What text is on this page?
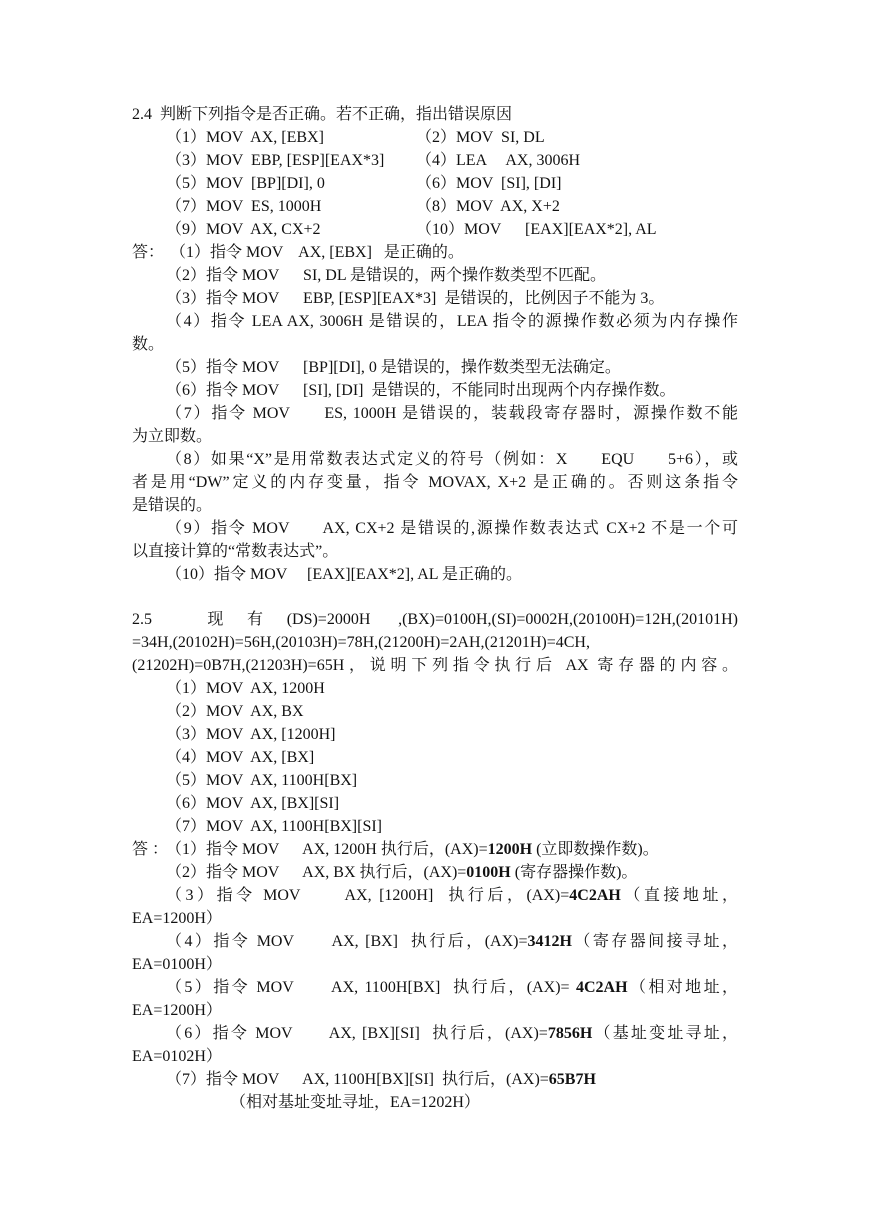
2.4  判断下列指令是否正确。若不正确，指出错误原因
（1）MOV  AX, [EBX]	（2）MOV  SI, DL
（3）MOV  EBP, [ESP][EAX*3] （4）LEA     AX, 3006H
（5）MOV  [BP][DI], 0	（6）MOV  [SI], [DI]
（7）MOV  ES, 1000H	（8）MOV  AX, X+2
（9）MOV  AX, CX+2	（10）MOV      [EAX][EAX*2], AL
答： （1）指令 MOV    AX, [EBX]   是正确的。
（2）指令 MOV      SI, DL 是错误的，两个操作数类型不匹配。
（3）指令 MOV      EBP, [ESP][EAX*3]  是错误的，比例因子不能为 3。
（4）指令 LEA AX, 3006H 是错误的，LEA 指令的源操作数必须为内存操作
数。
（5）指令 MOV      [BP][DI], 0 是错误的，操作数类型无法确定。
（6）指令 MOV      [SI], [DI]  是错误的，不能同时出现两个内存操作数。
（7）指令 MOV      ES, 1000H 是错误的，装载段寄存器时，源操作数不能
为立即数。
（8）如果“X”是用常数表达式定义的符号（例如：X      EQU      5+6），或
者是用“DW”定义的内存变量，指令 MOVAX, X+2 是正确的。否则这条指令
是错误的。
（9）指令 MOV      AX, CX+2 是错误的,源操作数表达式 CX+2 不是一个可
以直接计算的“常数表达式”。
（10）指令 MOV     [EAX][EAX*2], AL 是正确的。
2.5  现有(DS)=2000H ,(BX)=0100H,(SI)=0002H,(20100H)=12H,(20101H)
=34H,(20102H)=56H,(20103H)=78H,(21200H)=2AH,(21201H)=4CH,
(21202H)=0B7H,(21203H)=65H，说明下列指令执行后 AX 寄存器的内容。
（1）MOV  AX, 1200H
（2）MOV  AX, BX
（3）MOV  AX, [1200H]
（4）MOV  AX, [BX]
（5）MOV  AX, 1100H[BX]
（6）MOV  AX, [BX][SI]
（7）MOV  AX, 1100H[BX][SI]
答 ：
（1）指令 MOV      AX, 1200H 执行后，(AX)=1200H (立即数操作数)。
（2）指令 MOV      AX, BX 执行后，(AX)=0100H (寄存器操作数)。
（3）指令 MOV      AX, [1200H]  执行后，(AX)=4C2AH（直接地址，
EA=1200H）
（4）指令 MOV      AX, [BX]  执行后，(AX)=3412H（寄存器间接寻址，
EA=0100H）
（5）指令 MOV      AX, 1100H[BX]  执行后，(AX)= 4C2AH（相对地址，
EA=1200H）
（6）指令 MOV      AX, [BX][SI]  执行后，(AX)=7856H（基址变址寻址，
EA=0102H）
（7）指令 MOV      AX, 1100H[BX][SI]  执行后，(AX)=65B7H
（相对基址变址寻址，EA=1202H）
